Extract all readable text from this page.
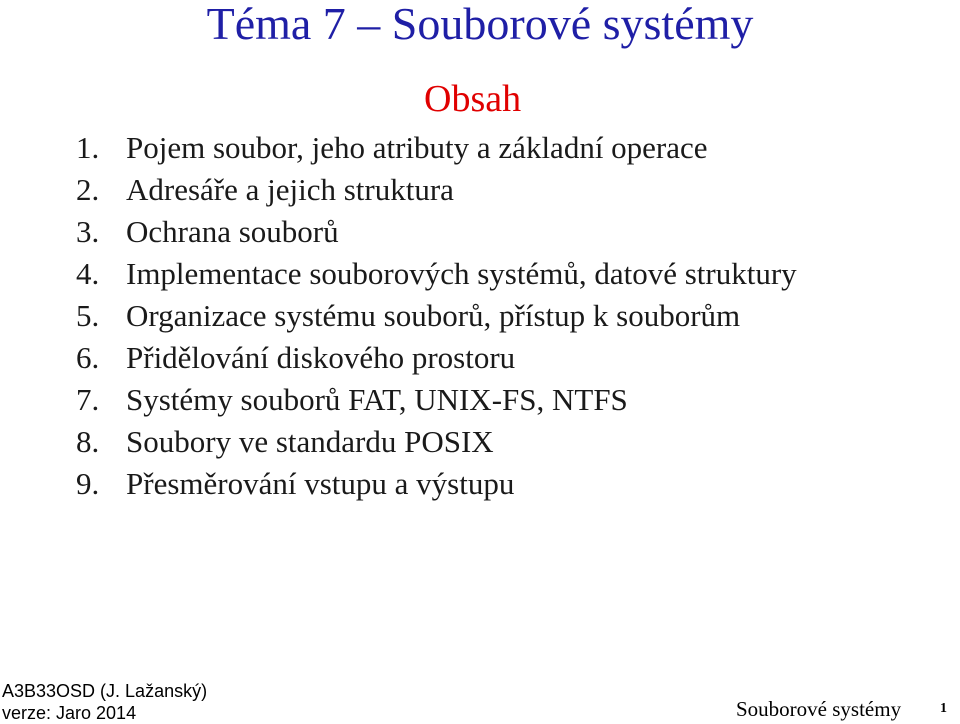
Téma 7 – Souborové systémy
Obsah
1. Pojem soubor, jeho atributy a základní operace
2. Adresáře a jejich struktura
3. Ochrana souborů
4. Implementace souborových systémů, datové struktury
5. Organizace systému souborů, přístup k souborům
6. Přidělování diskového prostoru
7. Systémy souborů FAT, UNIX-FS, NTFS
8. Soubory ve standardu POSIX
9. Přesměrování vstupu a výstupu
A3B33OSD (J. Lažanský)
verze: Jaro 2014	Souborové systémy	1
